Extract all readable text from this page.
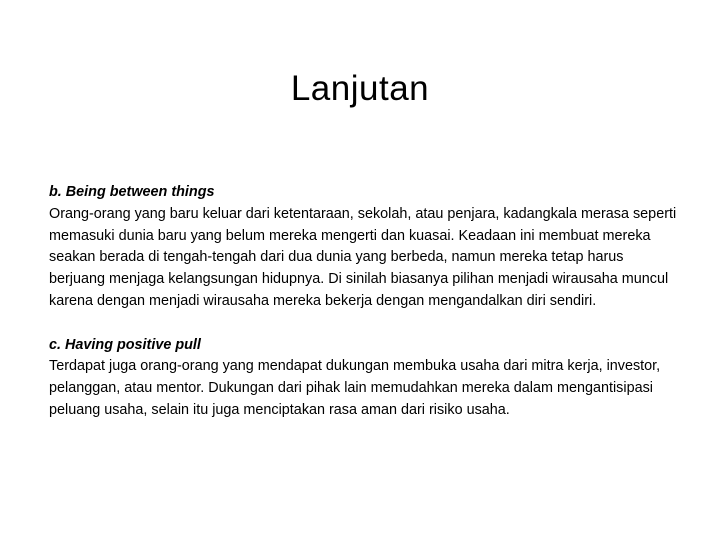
Lanjutan

b. Being between things
Orang-orang yang baru keluar dari ketentaraan, sekolah, atau penjara, kadangkala merasa seperti memasuki dunia baru yang belum mereka mengerti dan kuasai. Keadaan ini membuat mereka seakan berada di tengah-tengah dari dua dunia yang berbeda, namun mereka tetap harus berjuang menjaga kelangsungan hidupnya. Di sinilah biasanya pilihan menjadi wirausaha muncul karena dengan menjadi wirausaha mereka bekerja dengan mengandalkan diri sendiri.

c. Having positive pull
Terdapat juga orang-orang yang mendapat dukungan membuka usaha dari mitra kerja, investor, pelanggan, atau mentor. Dukungan dari pihak lain memudahkan mereka dalam mengantisipasi peluang usaha, selain itu juga menciptakan rasa aman dari risiko usaha.
